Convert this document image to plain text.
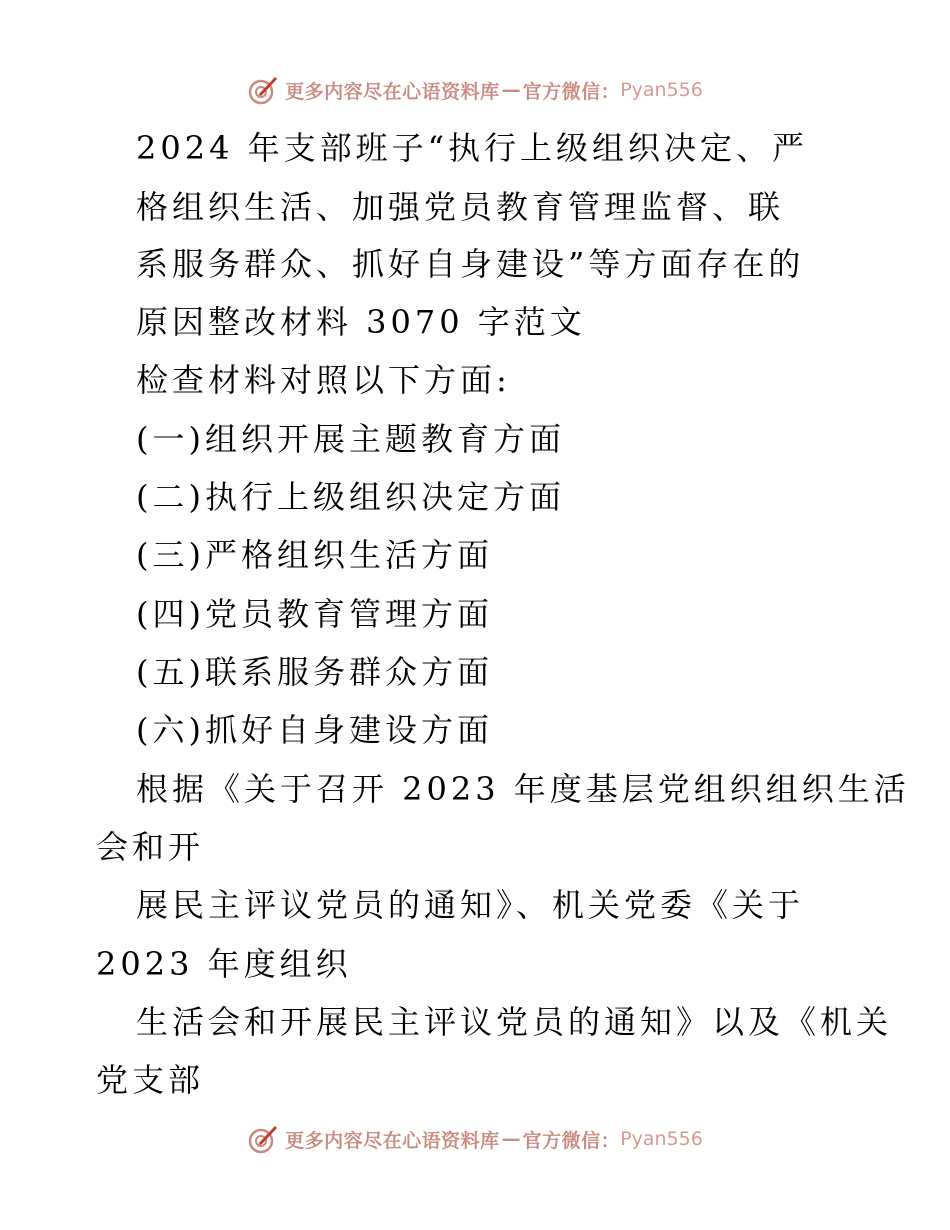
更多内容尽在心语资料库 — 官方微信： Pyan556
2024 年支部班子“执行上级组织决定、严
格组织生活、加强党员教育管理监督、联
系服务群众、抓好自身建设”等方面存在的
原因整改材料 3070 字范文
检查材料对照以下方面:
(一)组织开展主题教育方面
(二)执行上级组织决定方面
(三)严格组织生活方面
(四)党员教育管理方面
(五)联系服务群众方面
(六)抓好自身建设方面
根据《关于召开 2023 年度基层党组织组织生活
会和开
展民主评议党员的通知》、机关党委《关于
2023 年度组织
生活会和开展民主评议党员的通知》以及《机关
党支部
更多内容尽在心语资料库 — 官方微信： Pyan556
